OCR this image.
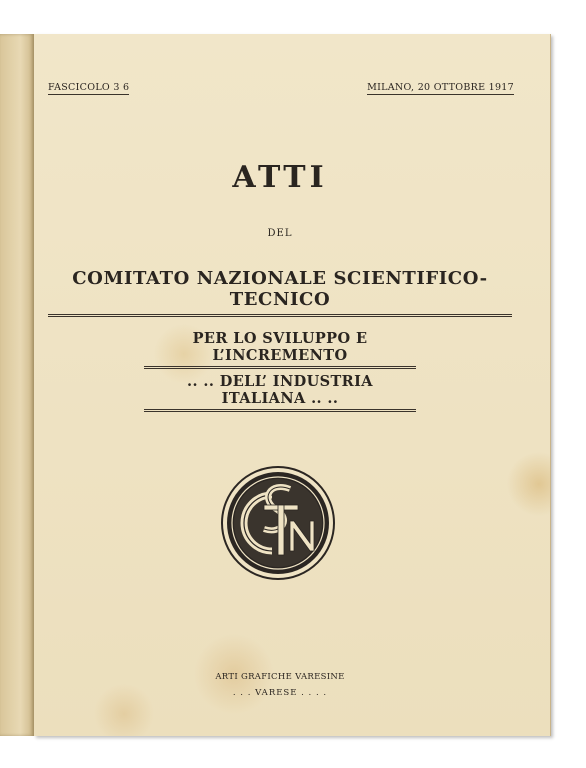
FASCICOLO 3 6	MILANO, 20 OTTOBRE 1917
ATTI
DEL
COMITATO NAZIONALE SCIENTIFICO-TECNICO
PER LO SVILUPPO E L’INCREMENTO
.. .. DELL’ INDUSTRIA ITALIANA .. ..
ARTI GRAFICHE VARESINE
. . . VARESE . . . .
